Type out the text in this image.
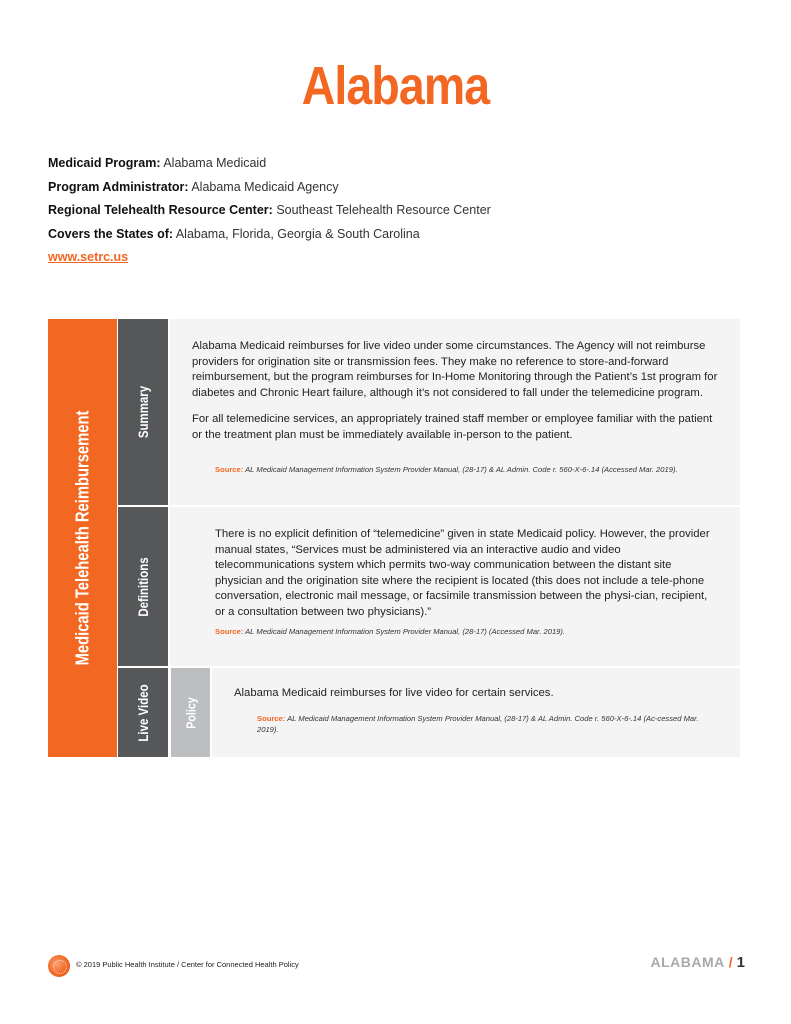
Alabama
Medicaid Program: Alabama Medicaid
Program Administrator: Alabama Medicaid Agency
Regional Telehealth Resource Center: Southeast Telehealth Resource Center
Covers the States of: Alabama, Florida, Georgia & South Carolina
www.setrc.us
Medicaid Telehealth Reimbursement	Summary

Alabama Medicaid reimburses for live video under some circumstances. The Agency will not reimburse providers for origination site or transmission fees. They make no reference to store-and-forward reimbursement, but the program reimburses for In-Home Monitoring through the Patient’s 1st program for diabetes and Chronic Heart failure, although it’s not considered to fall under the telemedicine program.

For all telemedicine services, an appropriately trained staff member or employee familiar with the patient or the treatment plan must be immediately available in-person to the patient.

Source: AL Medicaid Management Information System Provider Manual, (28-17) & AL Admin. Code r. 560-X-6-.14 (Accessed Mar. 2019).
Definitions

There is no explicit definition of “telemedicine” given in state Medicaid policy. However, the provider manual states, “Services must be administered via an interactive audio and video telecommunications system which permits two-way communication between the distant site physician and the origination site where the recipient is located (this does not include a tele-phone conversation, electronic mail message, or facsimile transmission between the physi-cian, recipient, or a consultation between two physicians).”

Source: AL Medicaid Management Information System Provider Manual, (28-17) (Accessed Mar. 2019).
Live Video Policy

Alabama Medicaid reimburses for live video for certain services.

Source: AL Medicaid Management Information System Provider Manual, (28-17) & AL Admin. Code r. 560-X-6-.14 (Ac-cessed Mar. 2019).
© 2019 Public Health Institute / Center for Connected Health Policy	ALABAMA / 1
